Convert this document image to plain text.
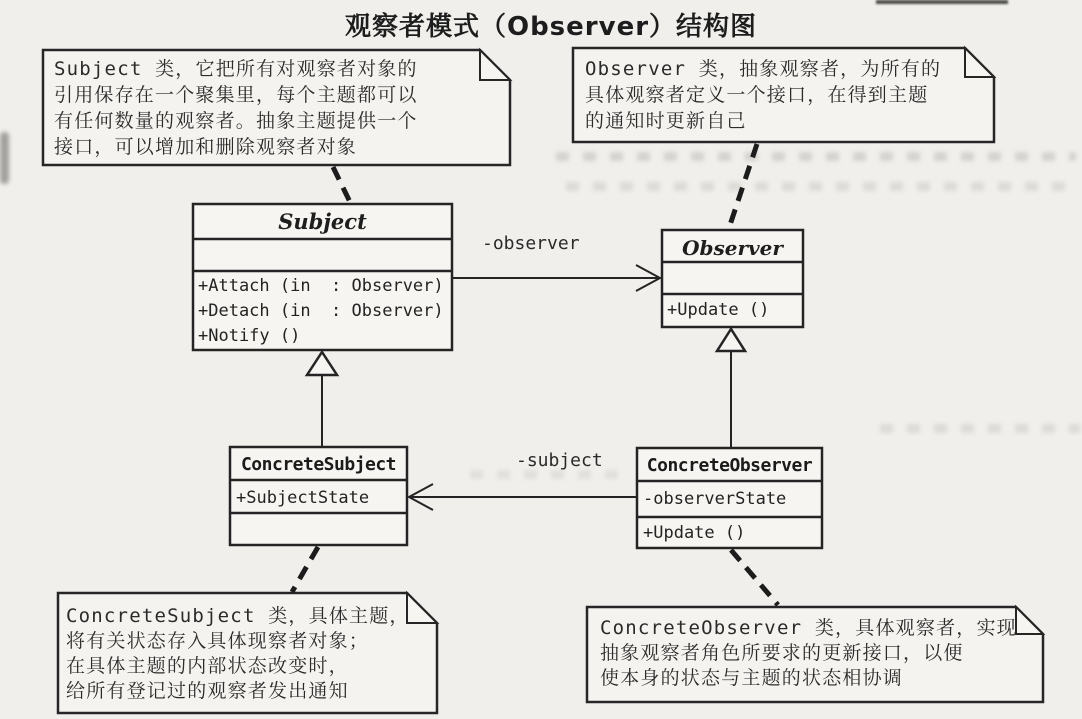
观察者模式（Observer）结构图
Subject 类，它把所有对观察者对象的
引用保存在一个聚集里，每个主题都可以
有任何数量的观察者。抽象主题提供一个
接口，可以增加和删除观察者对象
Observer 类，抽象观察者，为所有的
具体观察者定义一个接口，在得到主题
的通知时更新自己
ConcreteSubject 类，具体主题，
将有关状态存入具体现察者对象；
在具体主题的内部状态改变时，
给所有登记过的观察者发出通知
ConcreteObserver 类，具体观察者，实现
抽象观察者角色所要求的更新接口，以便
使本身的状态与主题的状态相协调
Subject
+Attach (in  : Observer)
+Detach (in  : Observer)
+Notify ()
Observer
+Update ()
ConcreteSubject
+SubjectState
ConcreteObserver
-observerState
+Update ()
-observer
-subject
